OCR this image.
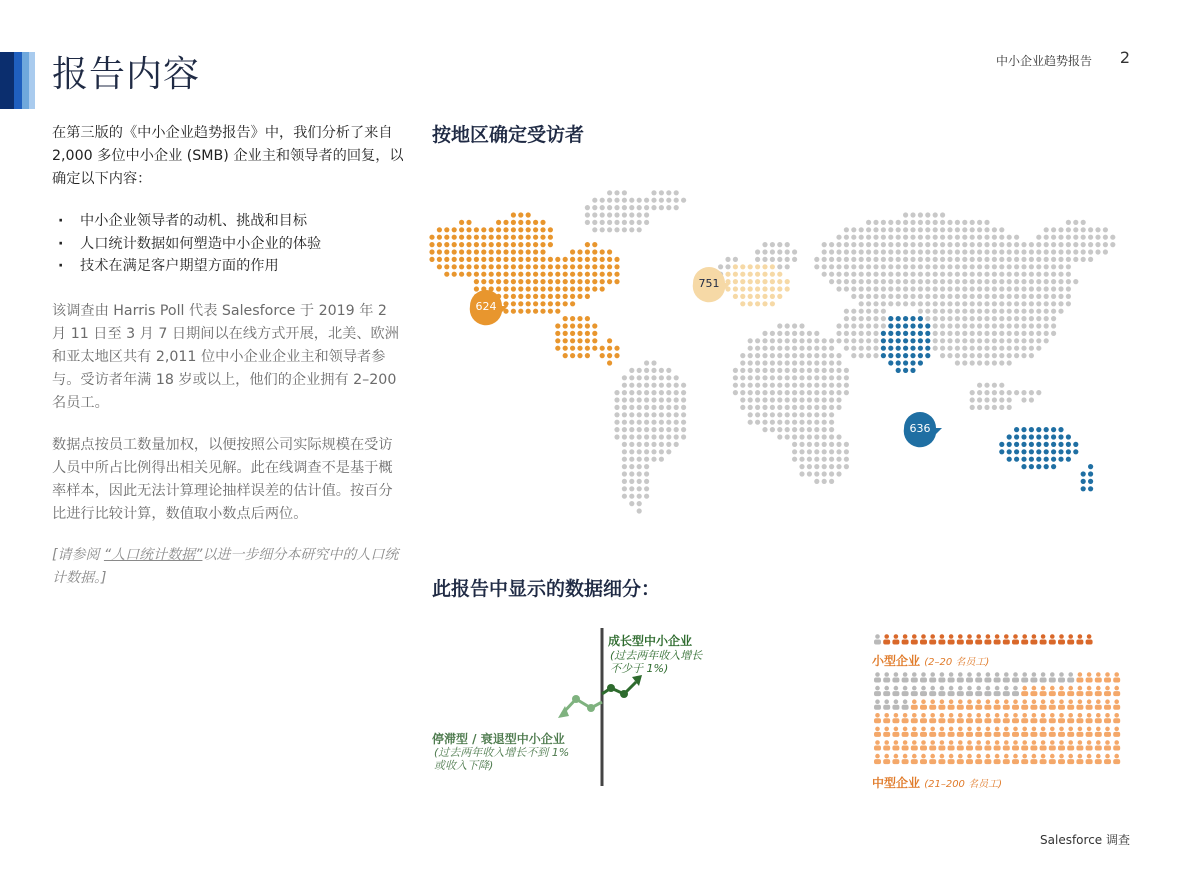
报告内容	中小企业趋势报告 2
在第三版的《中小企业趋势报告》中，我们分析了来自 2,000 多位中小企业 (SMB) 企业主和领导者的回复，以确定以下内容：
· 中小企业领导者的动机、挑战和目标
· 人口统计数据如何塑造中小企业的体验
· 技术在满足客户期望方面的作用
该调查由 Harris Poll 代表 Salesforce 于 2019 年 2 月 11 日至 3 月 7 日期间以在线方式开展，北美、欧洲和亚太地区共有 2,011 位中小企业企业主和领导者参与。受访者年满 18 岁或以上，他们的企业拥有 2–200 名员工。
数据点按员工数量加权，以便按照公司实际规模在受访人员中所占比例得出相关见解。此在线调查不是基于概率样本，因此无法计算理论抽样误差的估计值。按百分比进行比较计算，数值取小数点后两位。
[请参阅 “人口统计数据”以进一步细分本研究中的人口统计数据。]
按地区确定受访者
624
751
636
此报告中显示的数据细分：
成长型中小企业
(过去两年收入增长
不少于 1%)
停滞型 / 衰退型中小企业
(过去两年收入增长不到 1%
或收入下降)
小型企业 (2–20 名员工)
中型企业 (21–200 名员工)
Salesforce 调查
